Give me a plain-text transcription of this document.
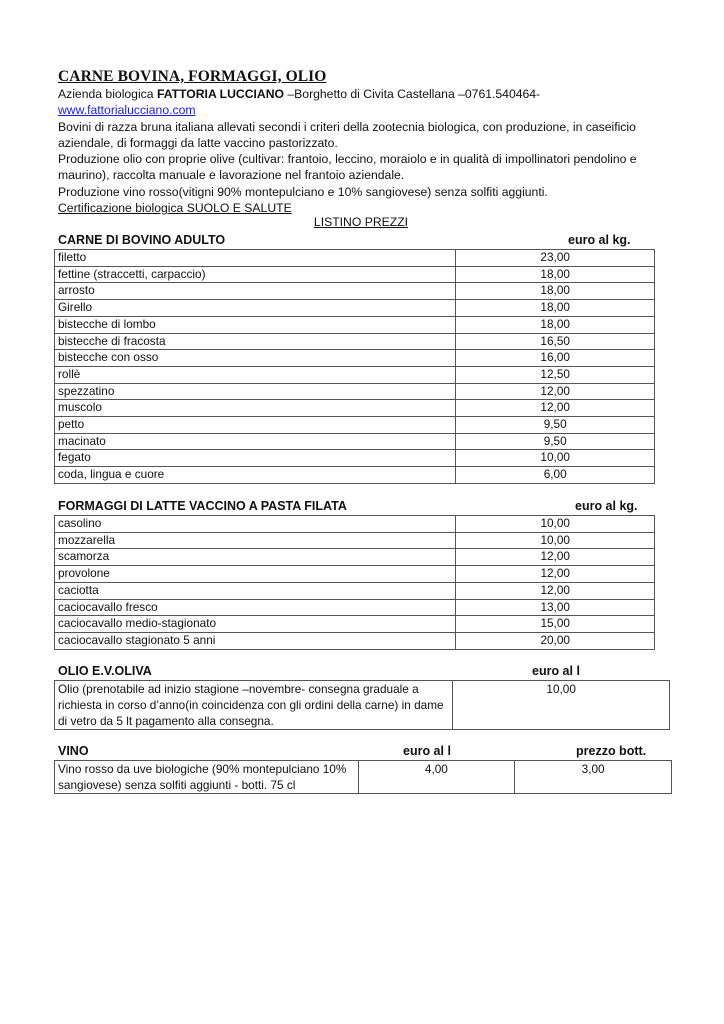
CARNE BOVINA, FORMAGGI, OLIO

Azienda biologica FATTORIA LUCCIANO –Borghetto di Civita Castellana –0761.540464-

www.fattorialucciano.com

Bovini di razza bruna italiana allevati secondi i criteri della zootecnia biologica, con produzione, in caseificio aziendale, di formaggi da latte vaccino pastorizzato.

Produzione olio con proprie olive (cultivar: frantoio, leccino, moraiolo e in qualità di impollinatori pendolino e maurino), raccolta manuale e lavorazione nel frantoio aziendale.

Produzione vino rosso(vitigni 90% montepulciano e 10% sangiovese) senza solfiti aggiunti.

Certificazione biologica SUOLO E SALUTE

LISTINO PREZZI
CARNE DI BOVINO ADULTO	euro al kg.
filetto	23,00
fettine (straccetti, carpaccio)	18,00
arrosto	18,00
Girello	18,00
bistecche di lombo	18,00
bistecche di fracosta	16,50
bistecche con osso	16,00
rollè	12,50
spezzatino	12,00
muscolo	12,00
petto	9,50
macinato	9,50
fegato	10,00
coda, lingua e cuore	6,00
FORMAGGI DI LATTE VACCINO A PASTA FILATA	euro al kg.
casolino	10,00
mozzarella	10,00
scamorza	12,00
provolone	12,00
caciotta	12,00
caciocavallo fresco	13,00
caciocavallo medio-stagionato	15,00
caciocavallo stagionato 5 anni	20,00
OLIO E.V.OLIVA	euro al l
Olio (prenotabile ad inizio stagione –novembre- consegna graduale a richiesta in corso d’anno(in coincidenza con gli ordini della carne) in dame di vetro da 5 lt pagamento alla consegna.	10,00
VINO	euro al l	prezzo bott.
Vino rosso da uve biologiche (90% montepulciano 10% sangiovese) senza solfiti aggiunti - botti. 75 cl	4,00	3,00
